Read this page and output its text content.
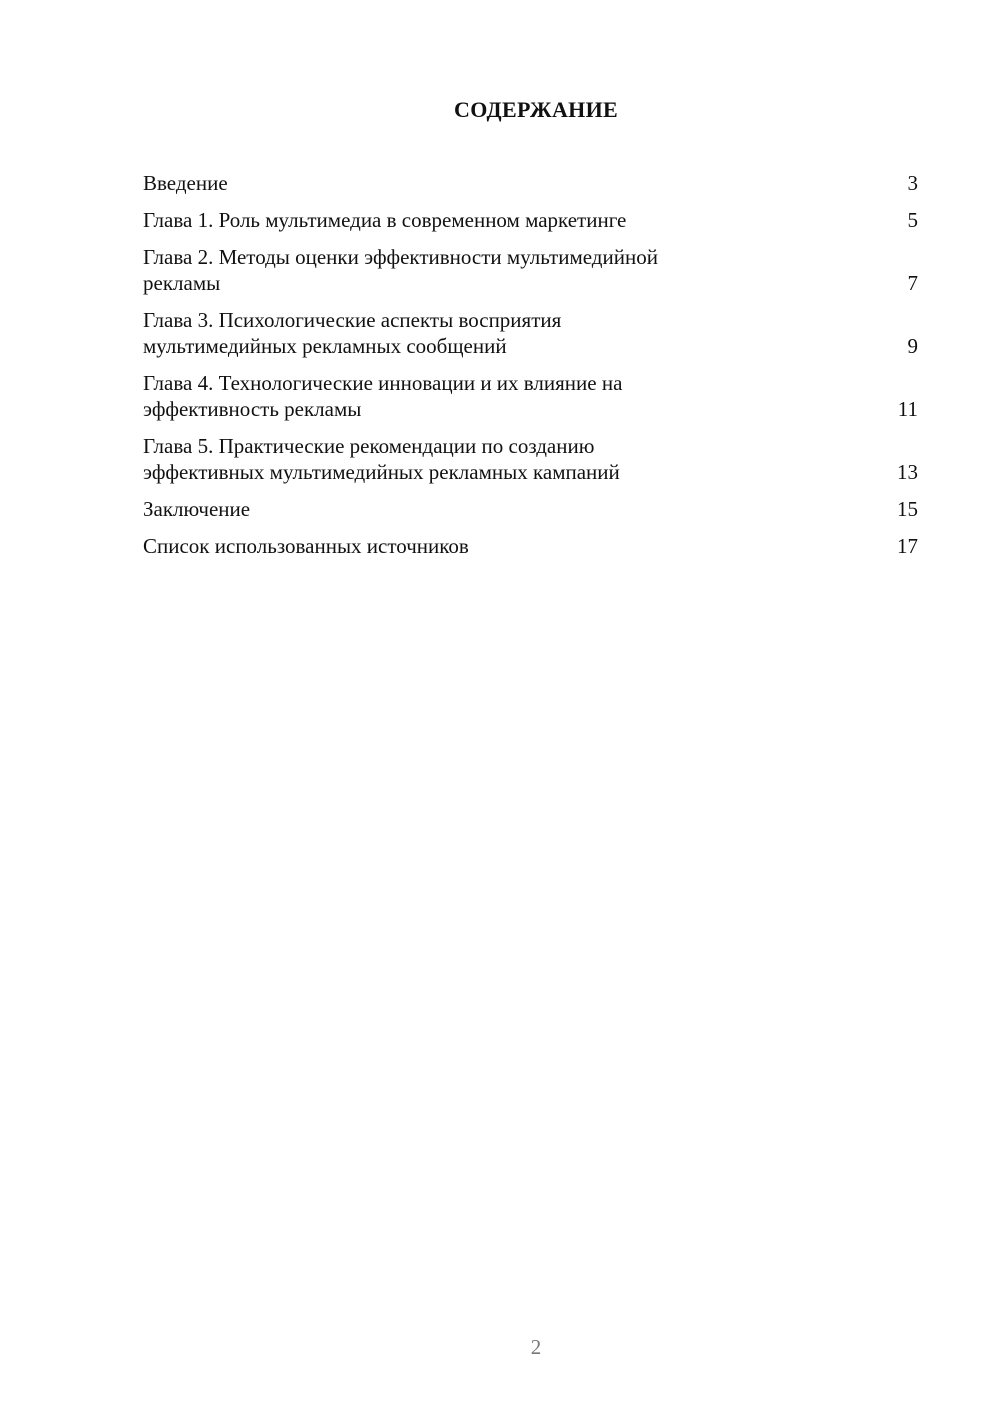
СОДЕРЖАНИЕ
Введение	3
Глава 1. Роль мультимедиа в современном маркетинге	5
Глава 2. Методы оценки эффективности мультимедийной
рекламы	7
Глава 3. Психологические аспекты восприятия
мультимедийных рекламных сообщений	9
Глава 4. Технологические инновации и их влияние на
эффективность рекламы	11
Глава 5. Практические рекомендации по созданию
эффективных мультимедийных рекламных кампаний	13
Заключение	15
Список использованных источников	17
2
